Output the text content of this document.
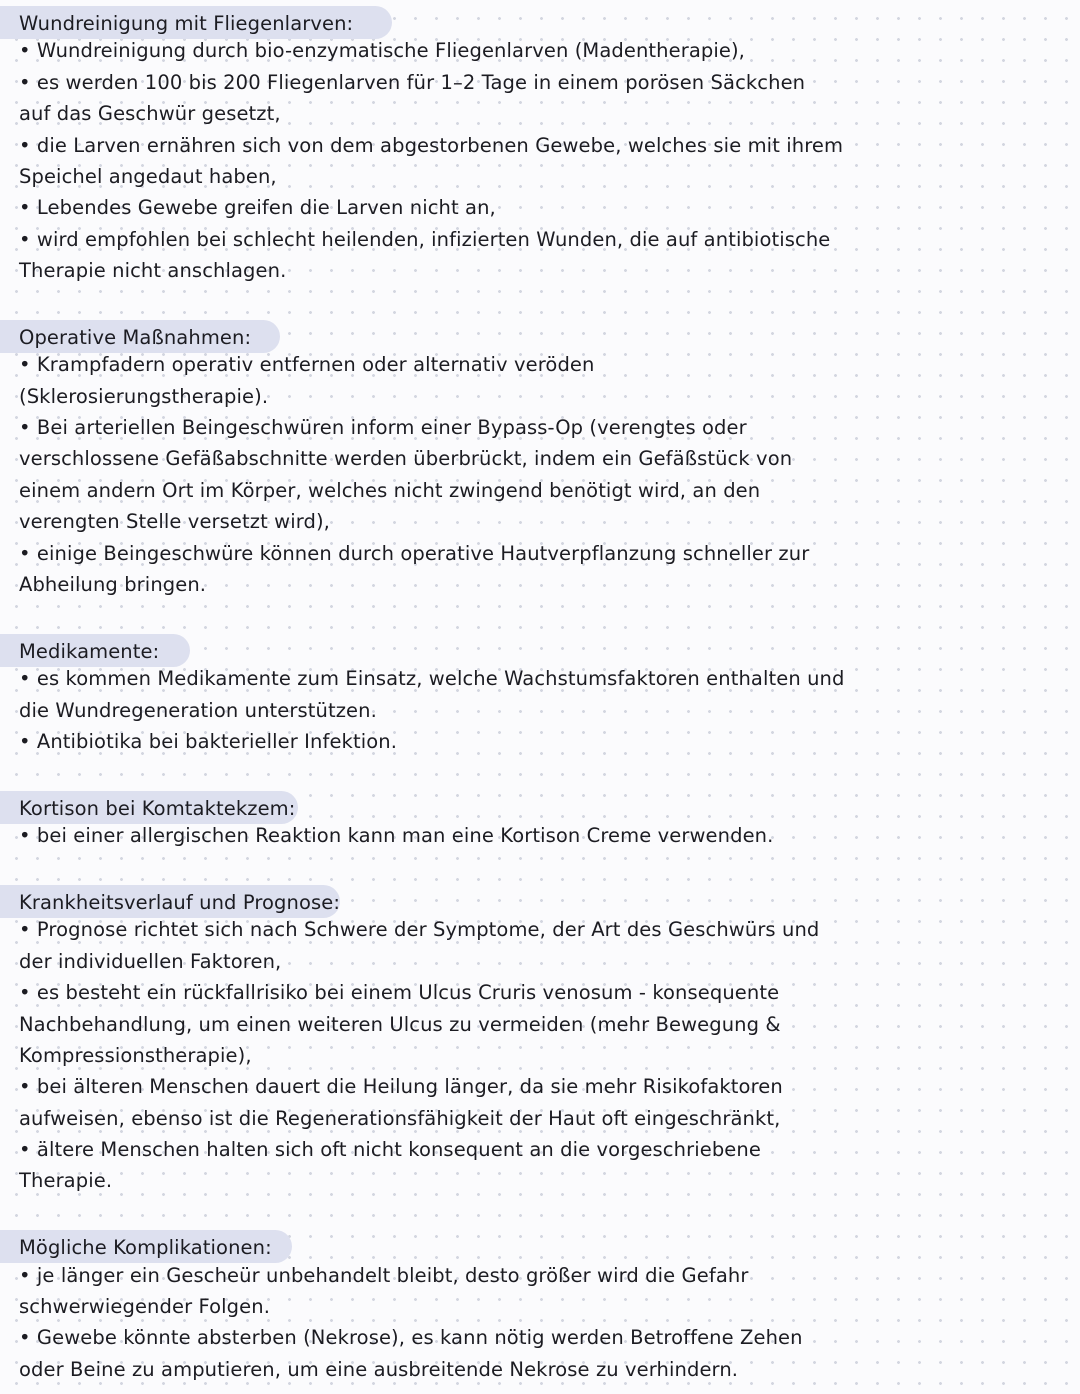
Wundreinigung mit Fliegenlarven:
• Wundreinigung durch bio-enzymatische Fliegenlarven (Madentherapie),
• es werden 100 bis 200 Fliegenlarven für 1–2 Tage in einem porösen Säckchen
auf das Geschwür gesetzt,
• die Larven ernähren sich von dem abgestorbenen Gewebe, welches sie mit ihrem
Speichel angedaut haben,
• Lebendes Gewebe greifen die Larven nicht an,
• wird empfohlen bei schlecht heilenden, infizierten Wunden, die auf antibiotische
Therapie nicht anschlagen.
Operative Maßnahmen:
• Krampfadern operativ entfernen oder alternativ veröden
(Sklerosierungstherapie).
• Bei arteriellen Beingeschwüren inform einer Bypass-Op (verengtes oder
verschlossene Gefäßabschnitte werden überbrückt, indem ein Gefäßstück von
einem andern Ort im Körper, welches nicht zwingend benötigt wird, an den
verengten Stelle versetzt wird),
• einige Beingeschwüre können durch operative Hautverpflanzung schneller zur
Abheilung bringen.
Medikamente:
• es kommen Medikamente zum Einsatz, welche Wachstumsfaktoren enthalten und
die Wundregeneration unterstützen.
• Antibiotika bei bakterieller Infektion.
Kortison bei Komtaktekzem:
• bei einer allergischen Reaktion kann man eine Kortison Creme verwenden.
Krankheitsverlauf und Prognose:
• Prognose richtet sich nach Schwere der Symptome, der Art des Geschwürs und
der individuellen Faktoren,
• es besteht ein rückfallrisiko bei einem Ulcus Cruris venosum - konsequente
Nachbehandlung, um einen weiteren Ulcus zu vermeiden (mehr Bewegung &
Kompressionstherapie),
• bei älteren Menschen dauert die Heilung länger, da sie mehr Risikofaktoren
aufweisen, ebenso ist die Regenerationsfähigkeit der Haut oft eingeschränkt,
• ältere Menschen halten sich oft nicht konsequent an die vorgeschriebene
Therapie.
Mögliche Komplikationen:
• je länger ein Gescheür unbehandelt bleibt, desto größer wird die Gefahr
schwerwiegender Folgen.
• Gewebe könnte absterben (Nekrose), es kann nötig werden Betroffene Zehen
oder Beine zu amputieren, um eine ausbreitende Nekrose zu verhindern.
